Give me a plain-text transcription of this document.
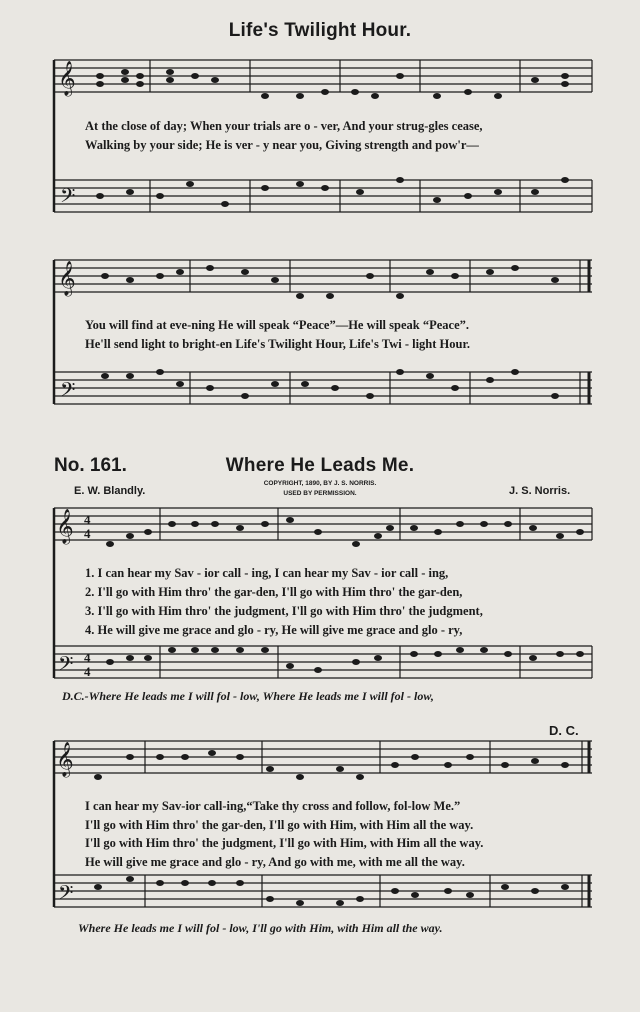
Life's Twilight Hour.
𝄞
𝄢
At the close of day; When your trials are o - ver, And your strug-gles cease,
Walking by your side; He is ver - y near you, Giving strength and pow'r—
𝄞
𝄢
You will find at eve-ning He will speak “Peace”—He will speak “Peace”.
He'll send light to bright-en Life's Twilight Hour, Life's Twi - light Hour.
No. 161.	Where He Leads Me.
E. W. Blandly.	J. S. Norris.
COPYRIGHT, 1890, BY J. S. NORRIS.
USED BY PERMISSION.
𝄞 4
4
𝄢 4
4
1. I can hear my Sav - ior call - ing, I can hear my Sav - ior call - ing,
2. I'll go with Him thro' the gar-den, I'll go with Him thro' the gar-den,
3. I'll go with Him thro' the judgment, I'll go with Him thro' the judgment,
4. He will give me grace and glo - ry, He will give me grace and glo - ry,
D.C.-Where He leads me I will fol - low, Where He leads me I will fol - low,
D. C.
𝄞
𝄢
I can hear my Sav-ior call-ing,“Take thy cross and follow, fol-low Me.”
I'll go with Him thro' the gar-den, I'll go with Him, with Him all the way.
I'll go with Him thro' the judgment, I'll go with Him, with Him all the way.
He will give me grace and glo - ry, And go with me, with me all the way.
Where He leads me I will fol - low, I'll go with Him, with Him all the way.
